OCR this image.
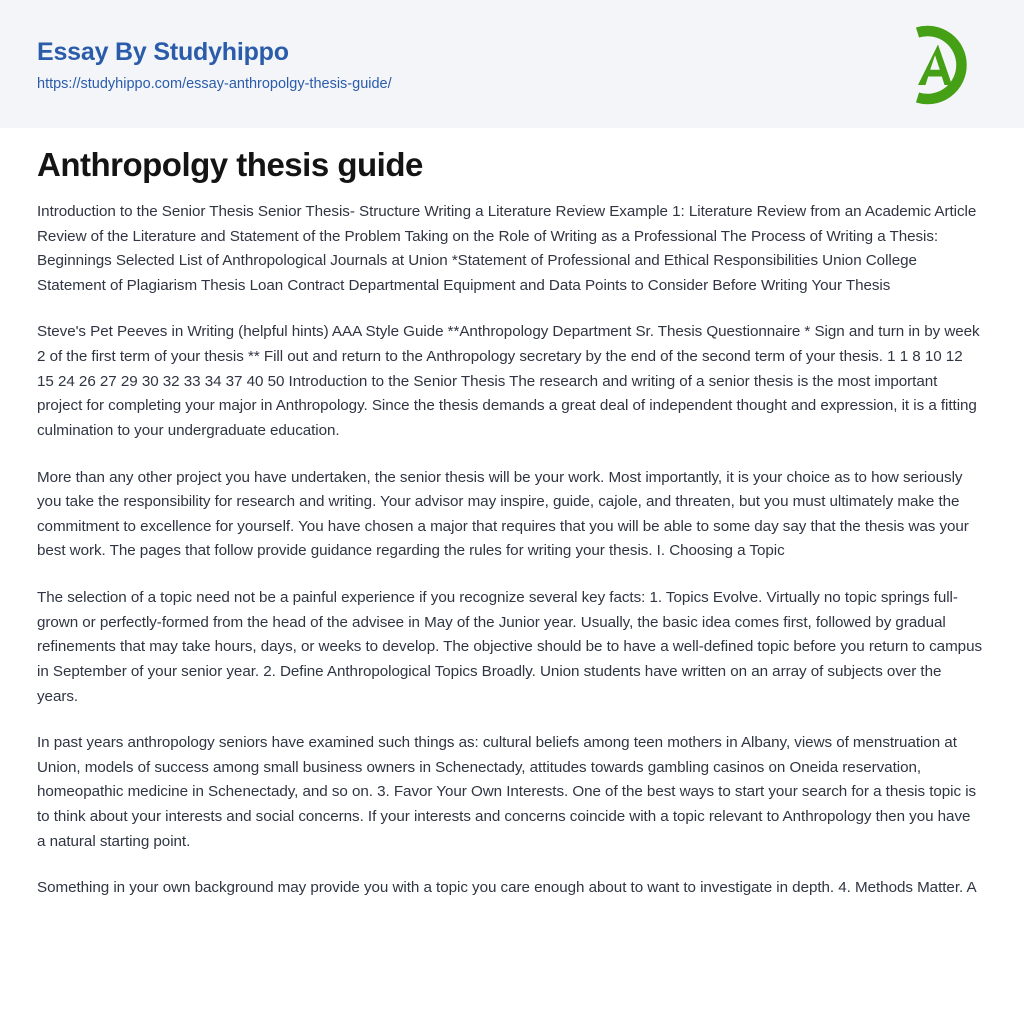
Essay By Studyhippo
https://studyhippo.com/essay-anthropolgy-thesis-guide/
Anthropolgy thesis guide

Introduction to the Senior Thesis Senior Thesis- Structure Writing a Literature Review Example 1: Literature Review from an Academic Article Review of the Literature and Statement of the Problem Taking on the Role of Writing as a Professional The Process of Writing a Thesis: Beginnings Selected List of Anthropological Journals at Union *Statement of Professional and Ethical Responsibilities Union College Statement of Plagiarism Thesis Loan Contract Departmental Equipment and Data Points to Consider Before Writing Your Thesis

Steve's Pet Peeves in Writing (helpful hints) AAA Style Guide **Anthropology Department Sr. Thesis Questionnaire * Sign and turn in by week 2 of the first term of your thesis ** Fill out and return to the Anthropology secretary by the end of the second term of your thesis. 1 1 8 10 12 15 24 26 27 29 30 32 33 34 37 40 50 Introduction to the Senior Thesis The research and writing of a senior thesis is the most important project for completing your major in Anthropology. Since the thesis demands a great deal of independent thought and expression, it is a fitting culmination to your undergraduate education.

More than any other project you have undertaken, the senior thesis will be your work. Most importantly, it is your choice as to how seriously you take the responsibility for research and writing. Your advisor may inspire, guide, cajole, and threaten, but you must ultimately make the commitment to excellence for yourself. You have chosen a major that requires that you will be able to some day say that the thesis was your best work. The pages that follow provide guidance regarding the rules for writing your thesis. I. Choosing a Topic

The selection of a topic need not be a painful experience if you recognize several key facts: 1. Topics Evolve. Virtually no topic springs full-grown or perfectly-formed from the head of the advisee in May of the Junior year. Usually, the basic idea comes first, followed by gradual refinements that may take hours, days, or weeks to develop. The objective should be to have a well-defined topic before you return to campus in September of your senior year. 2. Define Anthropological Topics Broadly. Union students have written on an array of subjects over the years.

In past years anthropology seniors have examined such things as: cultural beliefs among teen mothers in Albany, views of menstruation at Union, models of success among small business owners in Schenectady, attitudes towards gambling casinos on Oneida reservation, homeopathic medicine in Schenectady, and so on. 3. Favor Your Own Interests. One of the best ways to start your search for a thesis topic is to think about your interests and social concerns. If your interests and concerns coincide with a topic relevant to Anthropology then you have a natural starting point.

Something in your own background may provide you with a topic you care enough about to want to investigate in depth. 4. Methods Matter. A
